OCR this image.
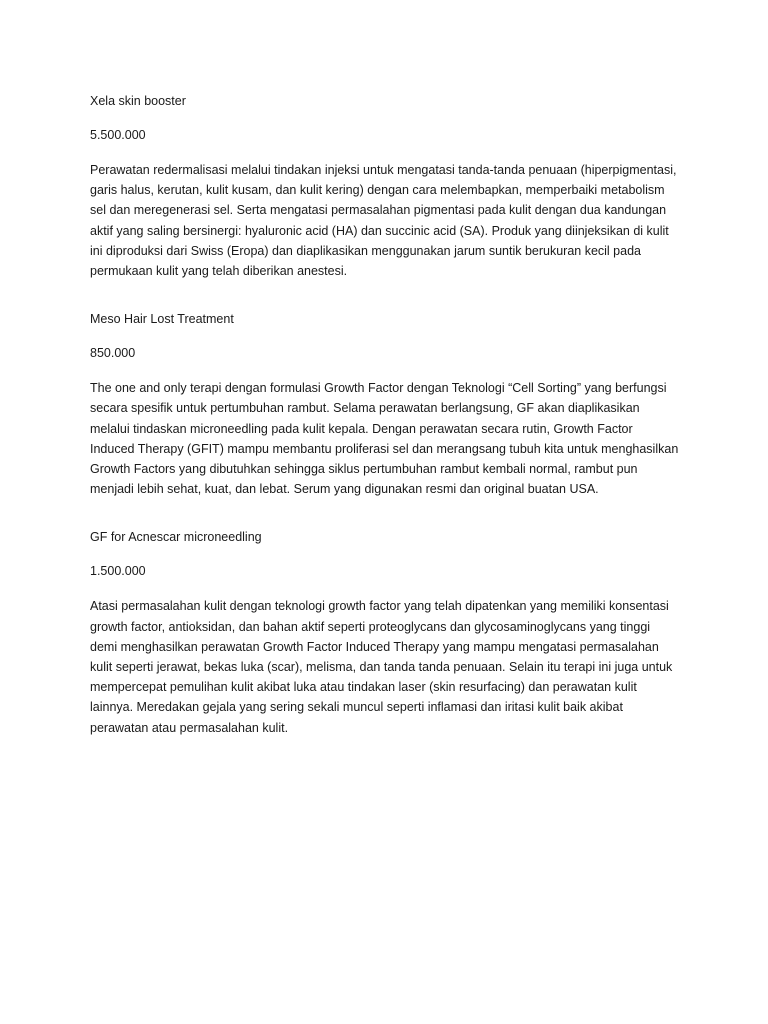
Xela skin booster

5.500.000

Perawatan redermalisasi melalui tindakan injeksi untuk mengatasi tanda-tanda penuaan (hiperpigmentasi, garis halus, kerutan, kulit kusam, dan kulit kering) dengan cara melembapkan, memperbaiki metabolism sel dan meregenerasi sel. Serta mengatasi permasalahan pigmentasi pada kulit dengan dua kandungan aktif yang saling bersinergi: hyaluronic acid (HA) dan succinic acid (SA). Produk yang diinjeksikan di kulit ini diproduksi dari Swiss (Eropa) dan diaplikasikan menggunakan jarum suntik berukuran kecil pada permukaan kulit yang telah diberikan anestesi.

Meso Hair Lost Treatment

850.000

The one and only terapi dengan formulasi Growth Factor dengan Teknologi “Cell Sorting” yang berfungsi secara spesifik untuk pertumbuhan rambut. Selama perawatan berlangsung, GF akan diaplikasikan melalui tindaskan microneedling pada kulit kepala. Dengan perawatan secara rutin, Growth Factor Induced Therapy (GFIT) mampu membantu proliferasi sel dan merangsang tubuh kita untuk menghasilkan Growth Factors yang dibutuhkan sehingga siklus pertumbuhan rambut kembali normal, rambut pun menjadi lebih sehat, kuat, dan lebat. Serum yang digunakan resmi dan original buatan USA.

GF for Acnescar microneedling

1.500.000

Atasi permasalahan kulit dengan teknologi growth factor yang telah dipatenkan yang memiliki konsentasi growth factor, antioksidan, dan bahan aktif seperti proteoglycans dan glycosaminoglycans yang tinggi demi menghasilkan perawatan Growth Factor Induced Therapy yang mampu mengatasi permasalahan kulit seperti jerawat, bekas luka (scar), melisma, dan tanda tanda penuaan. Selain itu terapi ini juga untuk mempercepat pemulihan kulit akibat luka atau tindakan laser (skin resurfacing) dan perawatan kulit lainnya. Meredakan gejala yang sering sekali muncul seperti inflamasi dan iritasi kulit baik akibat perawatan atau permasalahan kulit.
